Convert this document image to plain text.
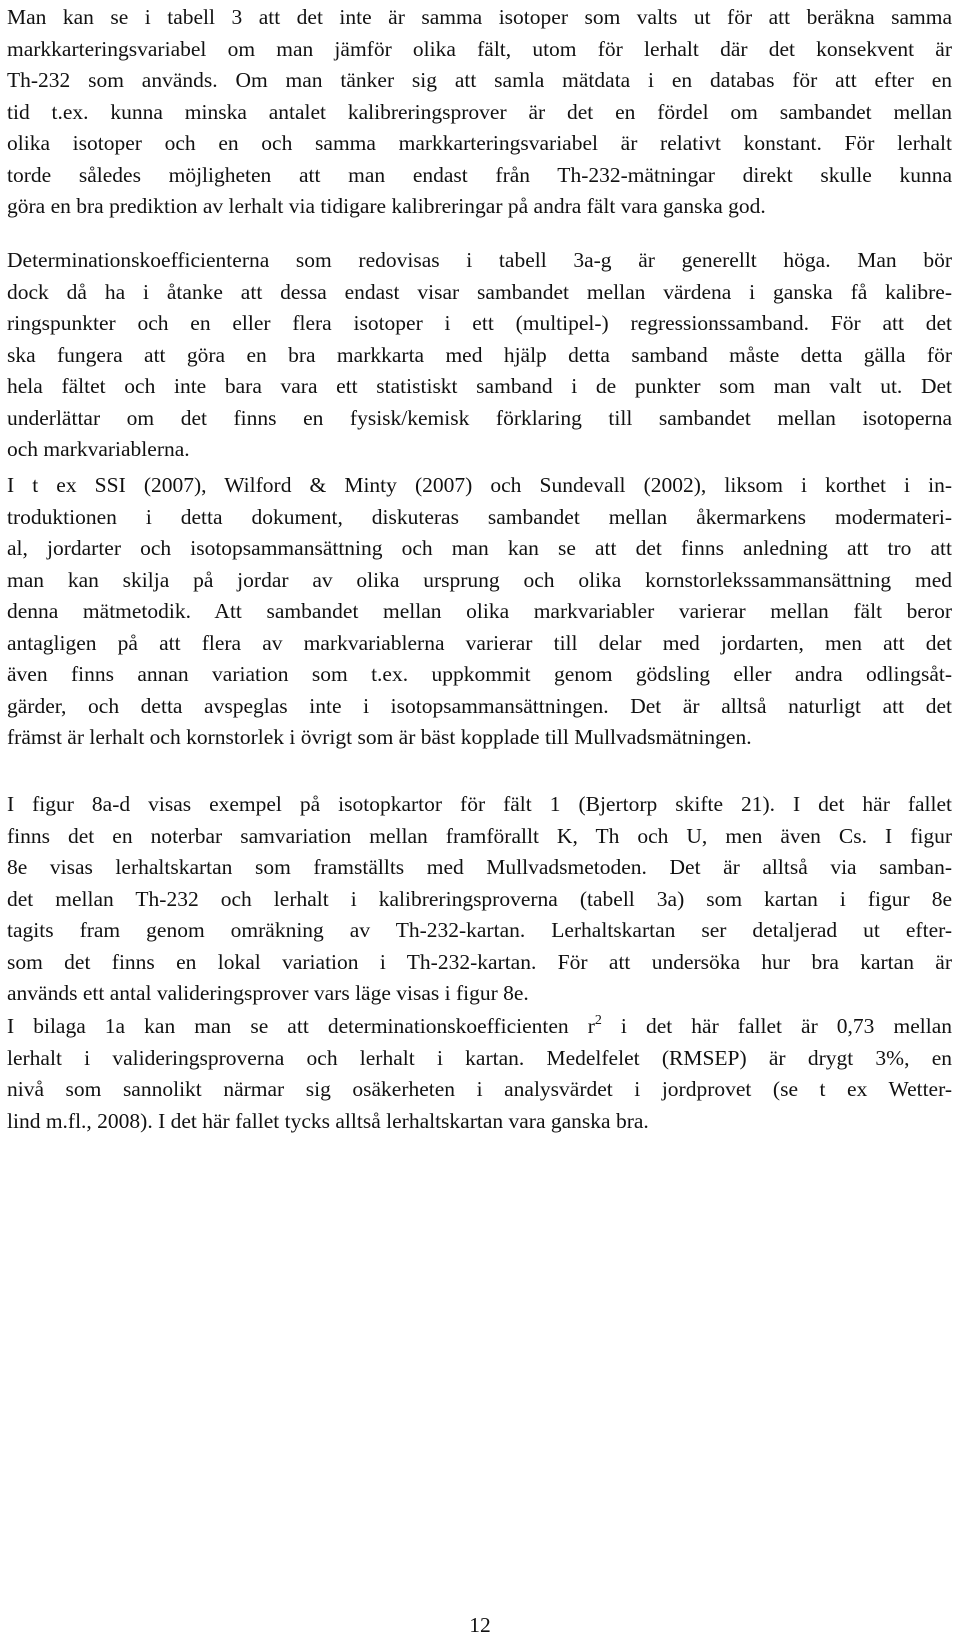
Man kan se i tabell 3 att det inte är samma isotoper som valts ut för att beräkna samma
markkarteringsvariabel om man jämför olika fält, utom för lerhalt där det konsekvent är
Th-232 som används. Om man tänker sig att samla mätdata i en databas för att efter en
tid t.ex. kunna minska antalet kalibreringsprover är det en fördel om sambandet mellan
olika isotoper och en och samma markkarteringsvariabel är relativt konstant. För lerhalt
torde således möjligheten att man endast från Th-232-mätningar direkt skulle kunna
göra en bra prediktion av lerhalt via tidigare kalibreringar på andra fält vara ganska god.

Determinationskoefficienterna som redovisas i tabell 3a-g är generellt höga. Man bör
dock då ha i åtanke att dessa endast visar sambandet mellan värdena i ganska få kalibre-
ringspunkter och en eller flera isotoper i ett (multipel-) regressionssamband. För att det
ska fungera att göra en bra markkarta med hjälp detta samband måste detta gälla för
hela fältet och inte bara vara ett statistiskt samband i de punkter som man valt ut. Det
underlättar om det finns en fysisk/kemisk förklaring till sambandet mellan isotoperna
och markvariablerna.

I t ex SSI (2007), Wilford & Minty (2007) och Sundevall (2002), liksom i korthet i in-
troduktionen i detta dokument, diskuteras sambandet mellan åkermarkens modermateri-
al, jordarter och isotopsammansättning och man kan se att det finns anledning att tro att
man kan skilja på jordar av olika ursprung och olika kornstorlekssammansättning med
denna mätmetodik. Att sambandet mellan olika markvariabler varierar mellan fält beror
antagligen på att flera av markvariablerna varierar till delar med jordarten, men att det
även finns annan variation som t.ex. uppkommit genom gödsling eller andra odlingsåt-
gärder, och detta avspeglas inte i isotopsammansättningen. Det är alltså naturligt att det
främst är lerhalt och kornstorlek i övrigt som är bäst kopplade till Mullvadsmätningen.

I figur 8a-d visas exempel på isotopkartor för fält 1 (Bjertorp skifte 21). I det här fallet
finns det en noterbar samvariation mellan framförallt K, Th och U, men även Cs. I figur
8e visas lerhaltskartan som framställts med Mullvadsmetoden. Det är alltså via samban-
det mellan Th-232 och lerhalt i kalibreringsproverna (tabell 3a) som kartan i figur 8e
tagits fram genom omräkning av Th-232-kartan. Lerhaltskartan ser detaljerad ut efter-
som det finns en lokal variation i Th-232-kartan. För att undersöka hur bra kartan är
används ett antal valideringsprover vars läge visas i figur 8e.

I bilaga 1a kan man se att determinationskoefficienten $r^2$ i det här fallet är 0,73 mellan
lerhalt i valideringsproverna och lerhalt i kartan. Medelfelet (RMSEP) är drygt 3%, en
nivå som sannolikt närmar sig osäkerheten i analysvärdet i jordprovet (se t ex Wetter-
lind m.fl., 2008). I det här fallet tycks alltså lerhaltskartan vara ganska bra.

12
